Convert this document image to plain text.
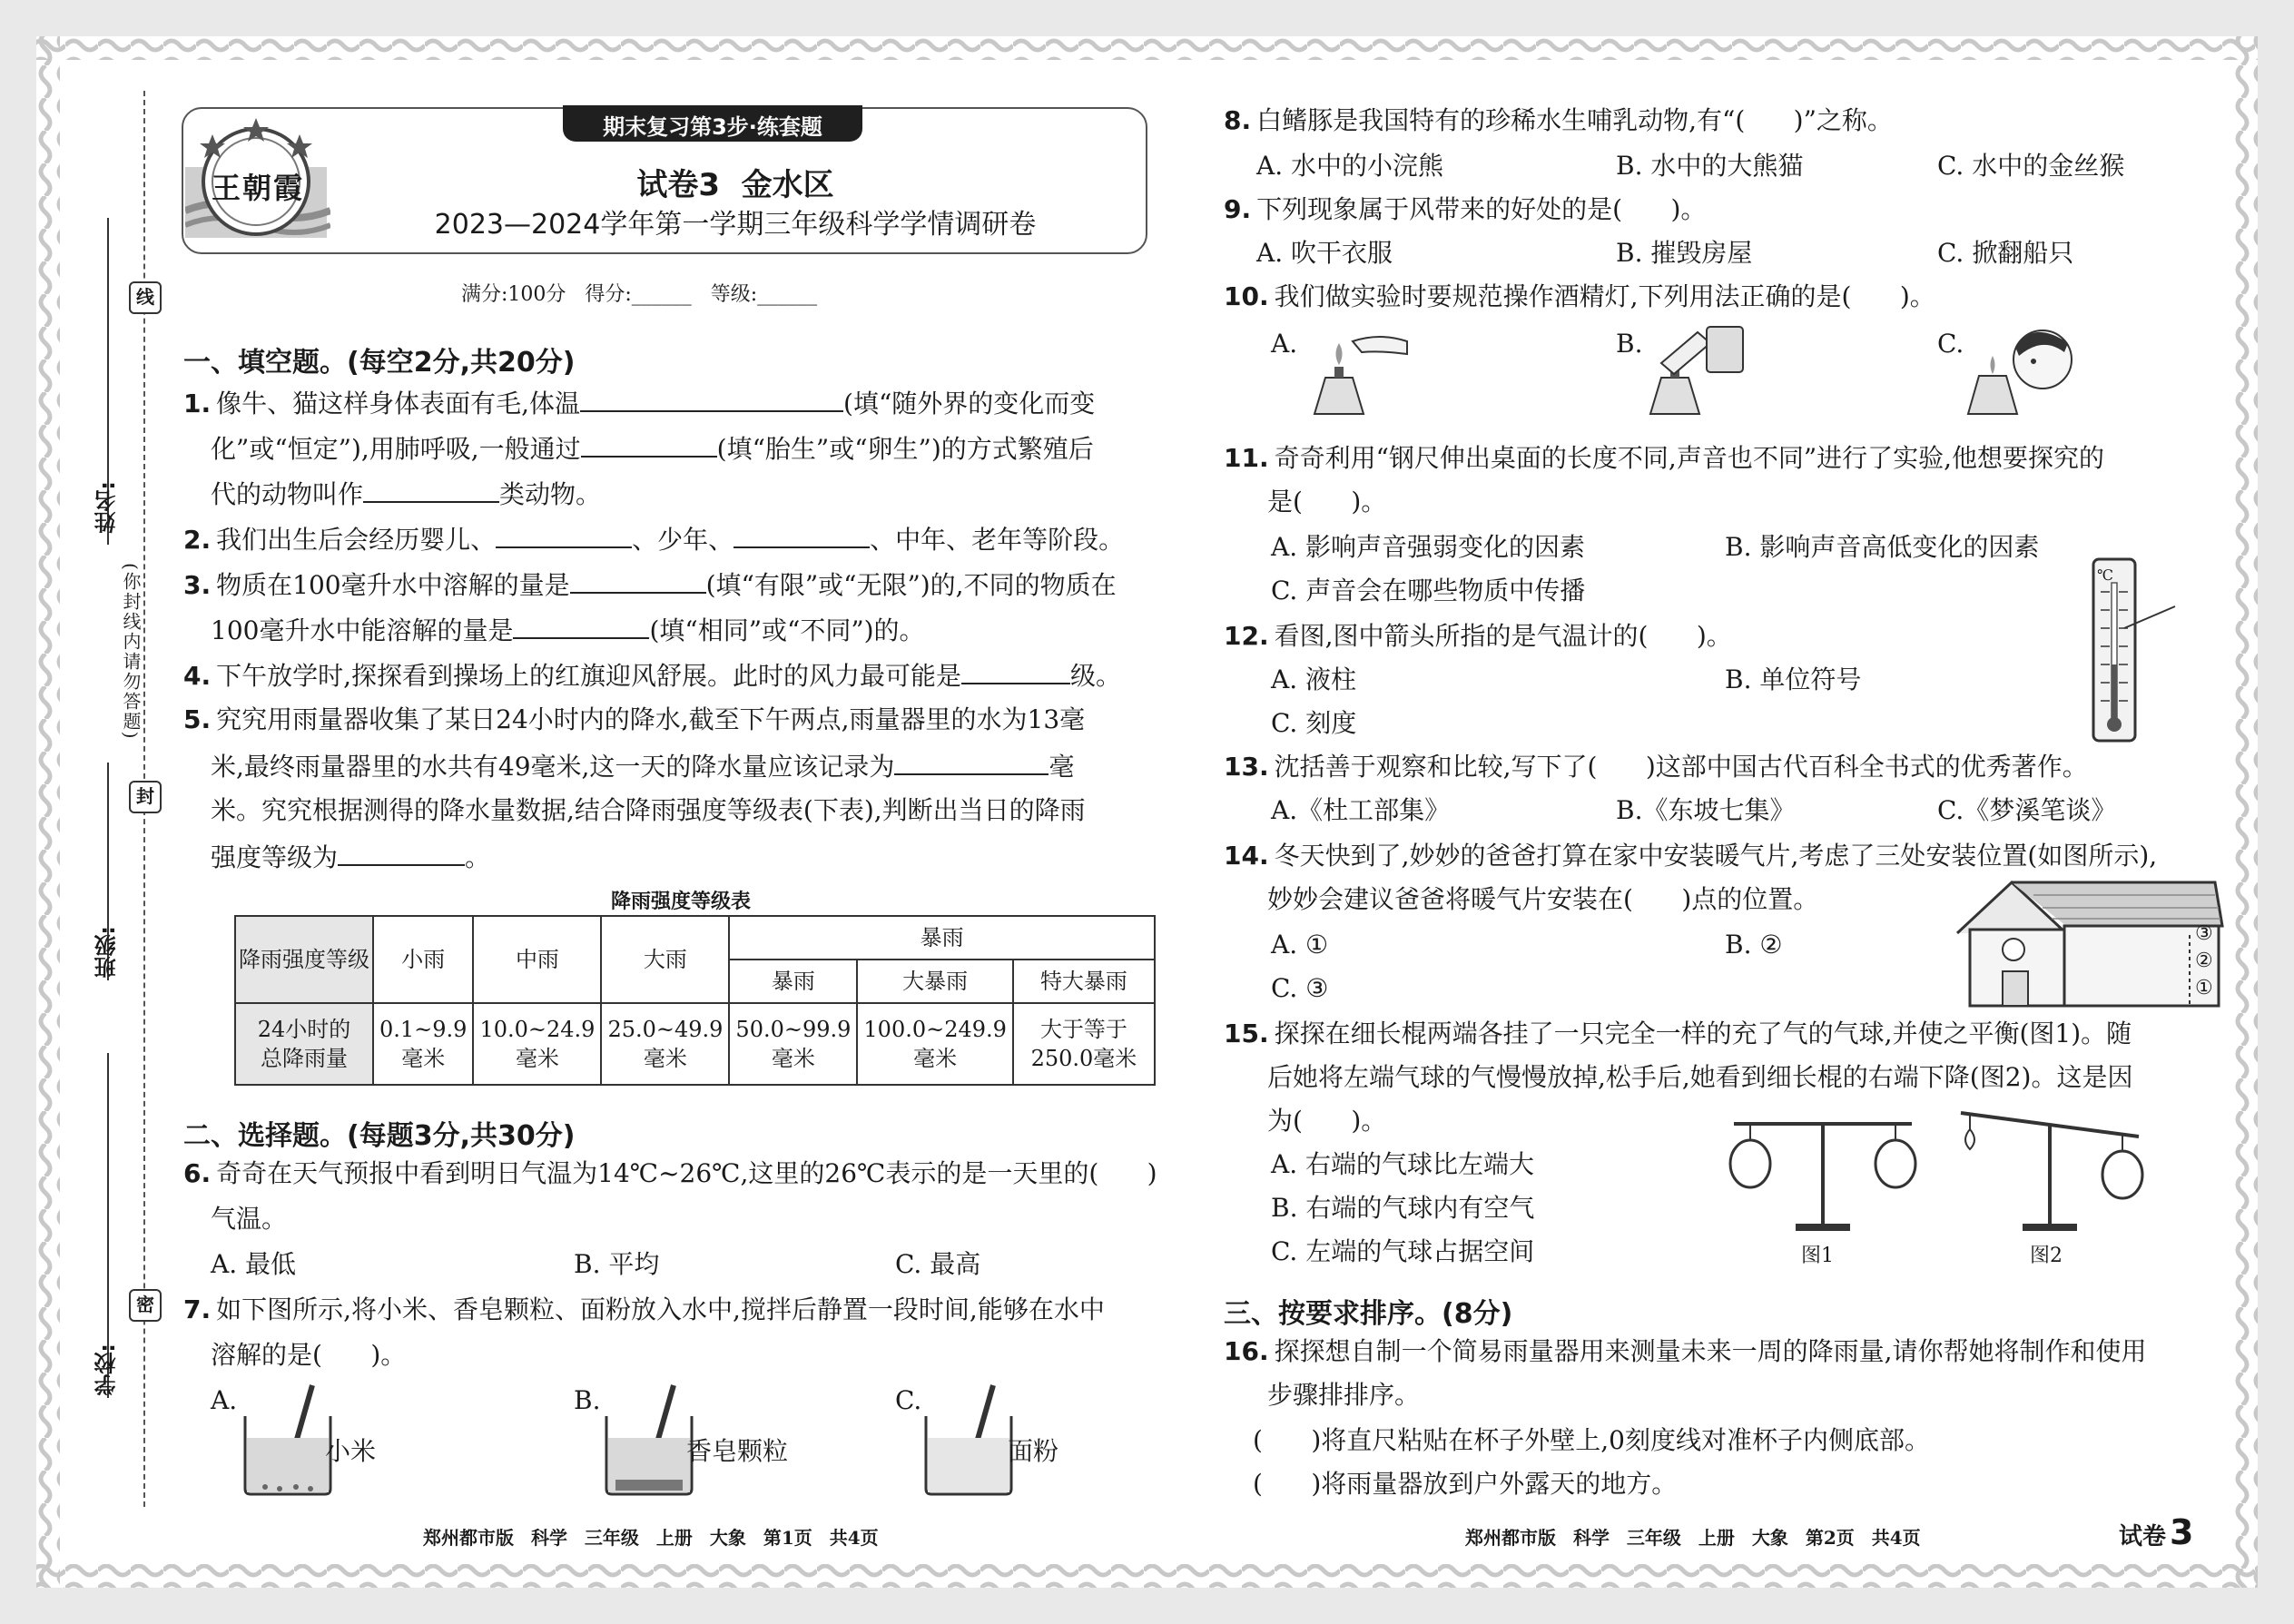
姓名:
班级:
学校:
(你封线内请勿答题)
线
封
密
期末复习第3步·练套题
王朝霞	试卷3  金水区
2023—2024学年第一学期三年级科学学情调研卷
满分:100分   得分:______   等级:______
一、填空题。(每空2分,共20分)
1. 像牛、猫这样身体表面有毛,体温	(填“随外界的变化而变
化”或“恒定”),用肺呼吸,一般通过	(填“胎生”或“卵生”)的方式繁殖后
代的动物叫作	类动物。
2. 我们出生后会经历婴儿、	、少年、	、中年、老年等阶段。
3. 物质在100毫升水中溶解的量是	(填“有限”或“无限”)的,不同的物质在
100毫升水中能溶解的量是	(填“相同”或“不同”)的。
4. 下午放学时,探探看到操场上的红旗迎风舒展。此时的风力最可能是	级。
5. 究究用雨量器收集了某日24小时内的降水,截至下午两点,雨量器里的水为13毫
米,最终雨量器里的水共有49毫米,这一天的降水量应该记录为	毫
米。究究根据测得的降水量数据,结合降雨强度等级表(下表),判断出当日的降雨
强度等级为	。
降雨强度等级表
降雨强度等级	小雨	中雨	大雨	暴雨		
				暴雨	大暴雨	特大暴雨
24小时的总降雨量	0.1~9.9毫米	10.0~24.9毫米	25.0~49.9毫米	50.0~99.9毫米	100.0~249.9毫米	大于等于250.0毫米
二、选择题。(每题3分,共30分)
6. 奇奇在天气预报中看到明日气温为14℃~26℃,这里的26℃表示的是一天里的(      )
气温。
A. 最低	B. 平均	C. 最高
7. 如下图所示,将小米、香皂颗粒、面粉放入水中,搅拌后静置一段时间,能够在水中
溶解的是(      )。
A.
小米
B.
香皂颗粒
C.
面粉
郑州都市版 科学 三年级 上册 大象 第1页 共4页
8. 白鳍豚是我国特有的珍稀水生哺乳动物,有“(      )”之称。
A. 水中的小浣熊	B. 水中的大熊猫	C. 水中的金丝猴
9. 下列现象属于风带来的好处的是(      )。
A. 吹干衣服	B. 摧毁房屋	C. 掀翻船只
10. 我们做实验时要规范操作酒精灯,下列用法正确的是(      )。
A.	B.	C.
11. 奇奇利用“钢尺伸出桌面的长度不同,声音也不同”进行了实验,他想要探究的
是(      )。
A. 影响声音强弱变化的因素	B. 影响声音高低变化的因素
C. 声音会在哪些物质中传播
℃
12. 看图,图中箭头所指的是气温计的(      )。
A. 液柱	B. 单位符号
C. 刻度
13. 沈括善于观察和比较,写下了(      )这部中国古代百科全书式的优秀著作。
A.《杜工部集》	B.《东坡七集》	C.《梦溪笔谈》
14. 冬天快到了,妙妙的爸爸打算在家中安装暖气片,考虑了三处安装位置(如图所示),
妙妙会建议爸爸将暖气片安装在(      )点的位置。
A. ①	B. ②
C. ③
③
②
①
15. 探探在细长棍两端各挂了一只完全一样的充了气的气球,并使之平衡(图1)。随
后她将左端气球的气慢慢放掉,松手后,她看到细长棍的右端下降(图2)。这是因
为(      )。
A. 右端的气球比左端大
B. 右端的气球内有空气
C. 左端的气球占据空间	图1	图2
三、按要求排序。(8分)
16. 探探想自制一个简易雨量器用来测量未来一周的降雨量,请你帮她将制作和使用
步骤排排序。
(      )将直尺粘贴在杯子外壁上,0刻度线对准杯子内侧底部。
(      )将雨量器放到户外露天的地方。
郑州都市版 科学 三年级 上册 大象 第2页 共4页	试卷 3
